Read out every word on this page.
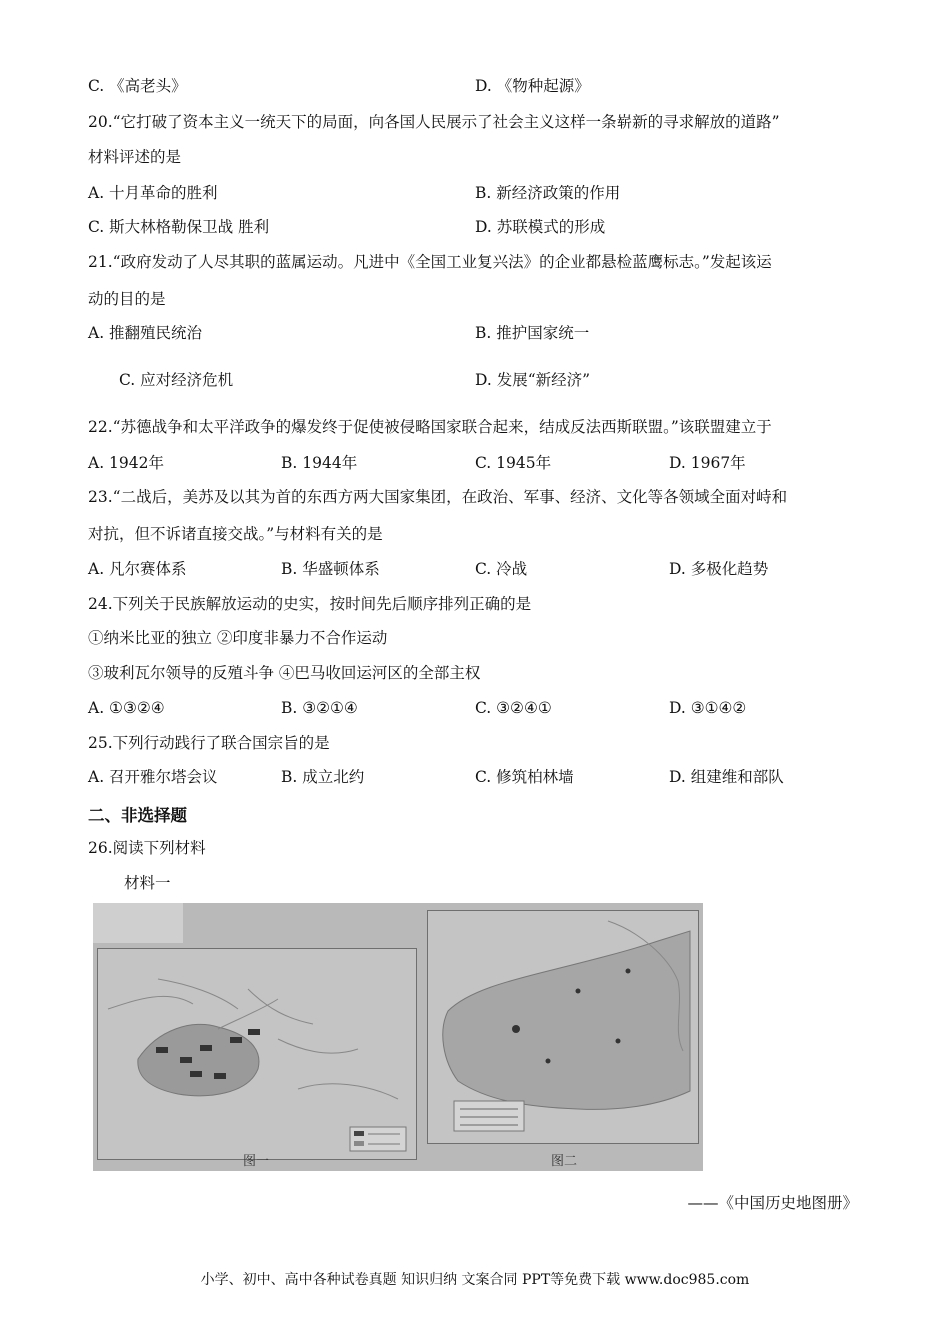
C. 《高老头》	D. 《物种起源》
20.“它打破了资本主义一统天下的局面，向各国人民展示了社会主义这样一条崭新的寻求解放的道路”
材料评述的是
A. 十月革命的胜利	B. 新经济政策的作用
C. 斯大林格勒保卫战 胜利	D. 苏联模式的形成
21.“政府发动了人尽其职的蓝属运动。凡进中《全国工业复兴法》的企业都悬检蓝鹰标志。”发起该运
动的目的是
A. 推翻殖民统治	B. 推护国家统一
C. 应对经济危机	D. 发展“新经济”
22.“苏德战争和太平洋政争的爆发终于促使被侵略国家联合起来，结成反法西斯联盟。”该联盟建立于
A. 1942年	B. 1944年	C. 1945年	D. 1967年
23.“二战后，美苏及以其为首的东西方两大国家集团，在政治、军事、经济、文化等各领域全面对峙和
对抗，但不诉诸直接交战。”与材料有关的是
A. 凡尔赛体系	B. 华盛顿体系	C. 冷战	D. 多极化趋势
24.下列关于民族解放运动的史实，按时间先后顺序排列正确的是
①纳米比亚的独立 ②印度非暴力不合作运动
③玻利瓦尔领导的反殖斗争 ④巴马收回运河区的全部主权
A. ①③②④	B. ③②①④	C. ③②④①	D. ③①④②
25.下列行动践行了联合国宗旨的是
A. 召开雅尔塔会议	B. 成立北约	C. 修筑柏林墙	D. 组建维和部队
二、非选择题
26.阅读下列材料
材料一
图一	图二
——《中国历史地图册》
小学、初中、高中各种试卷真题 知识归纳 文案合同 PPT等免费下载 www.doc985.com
